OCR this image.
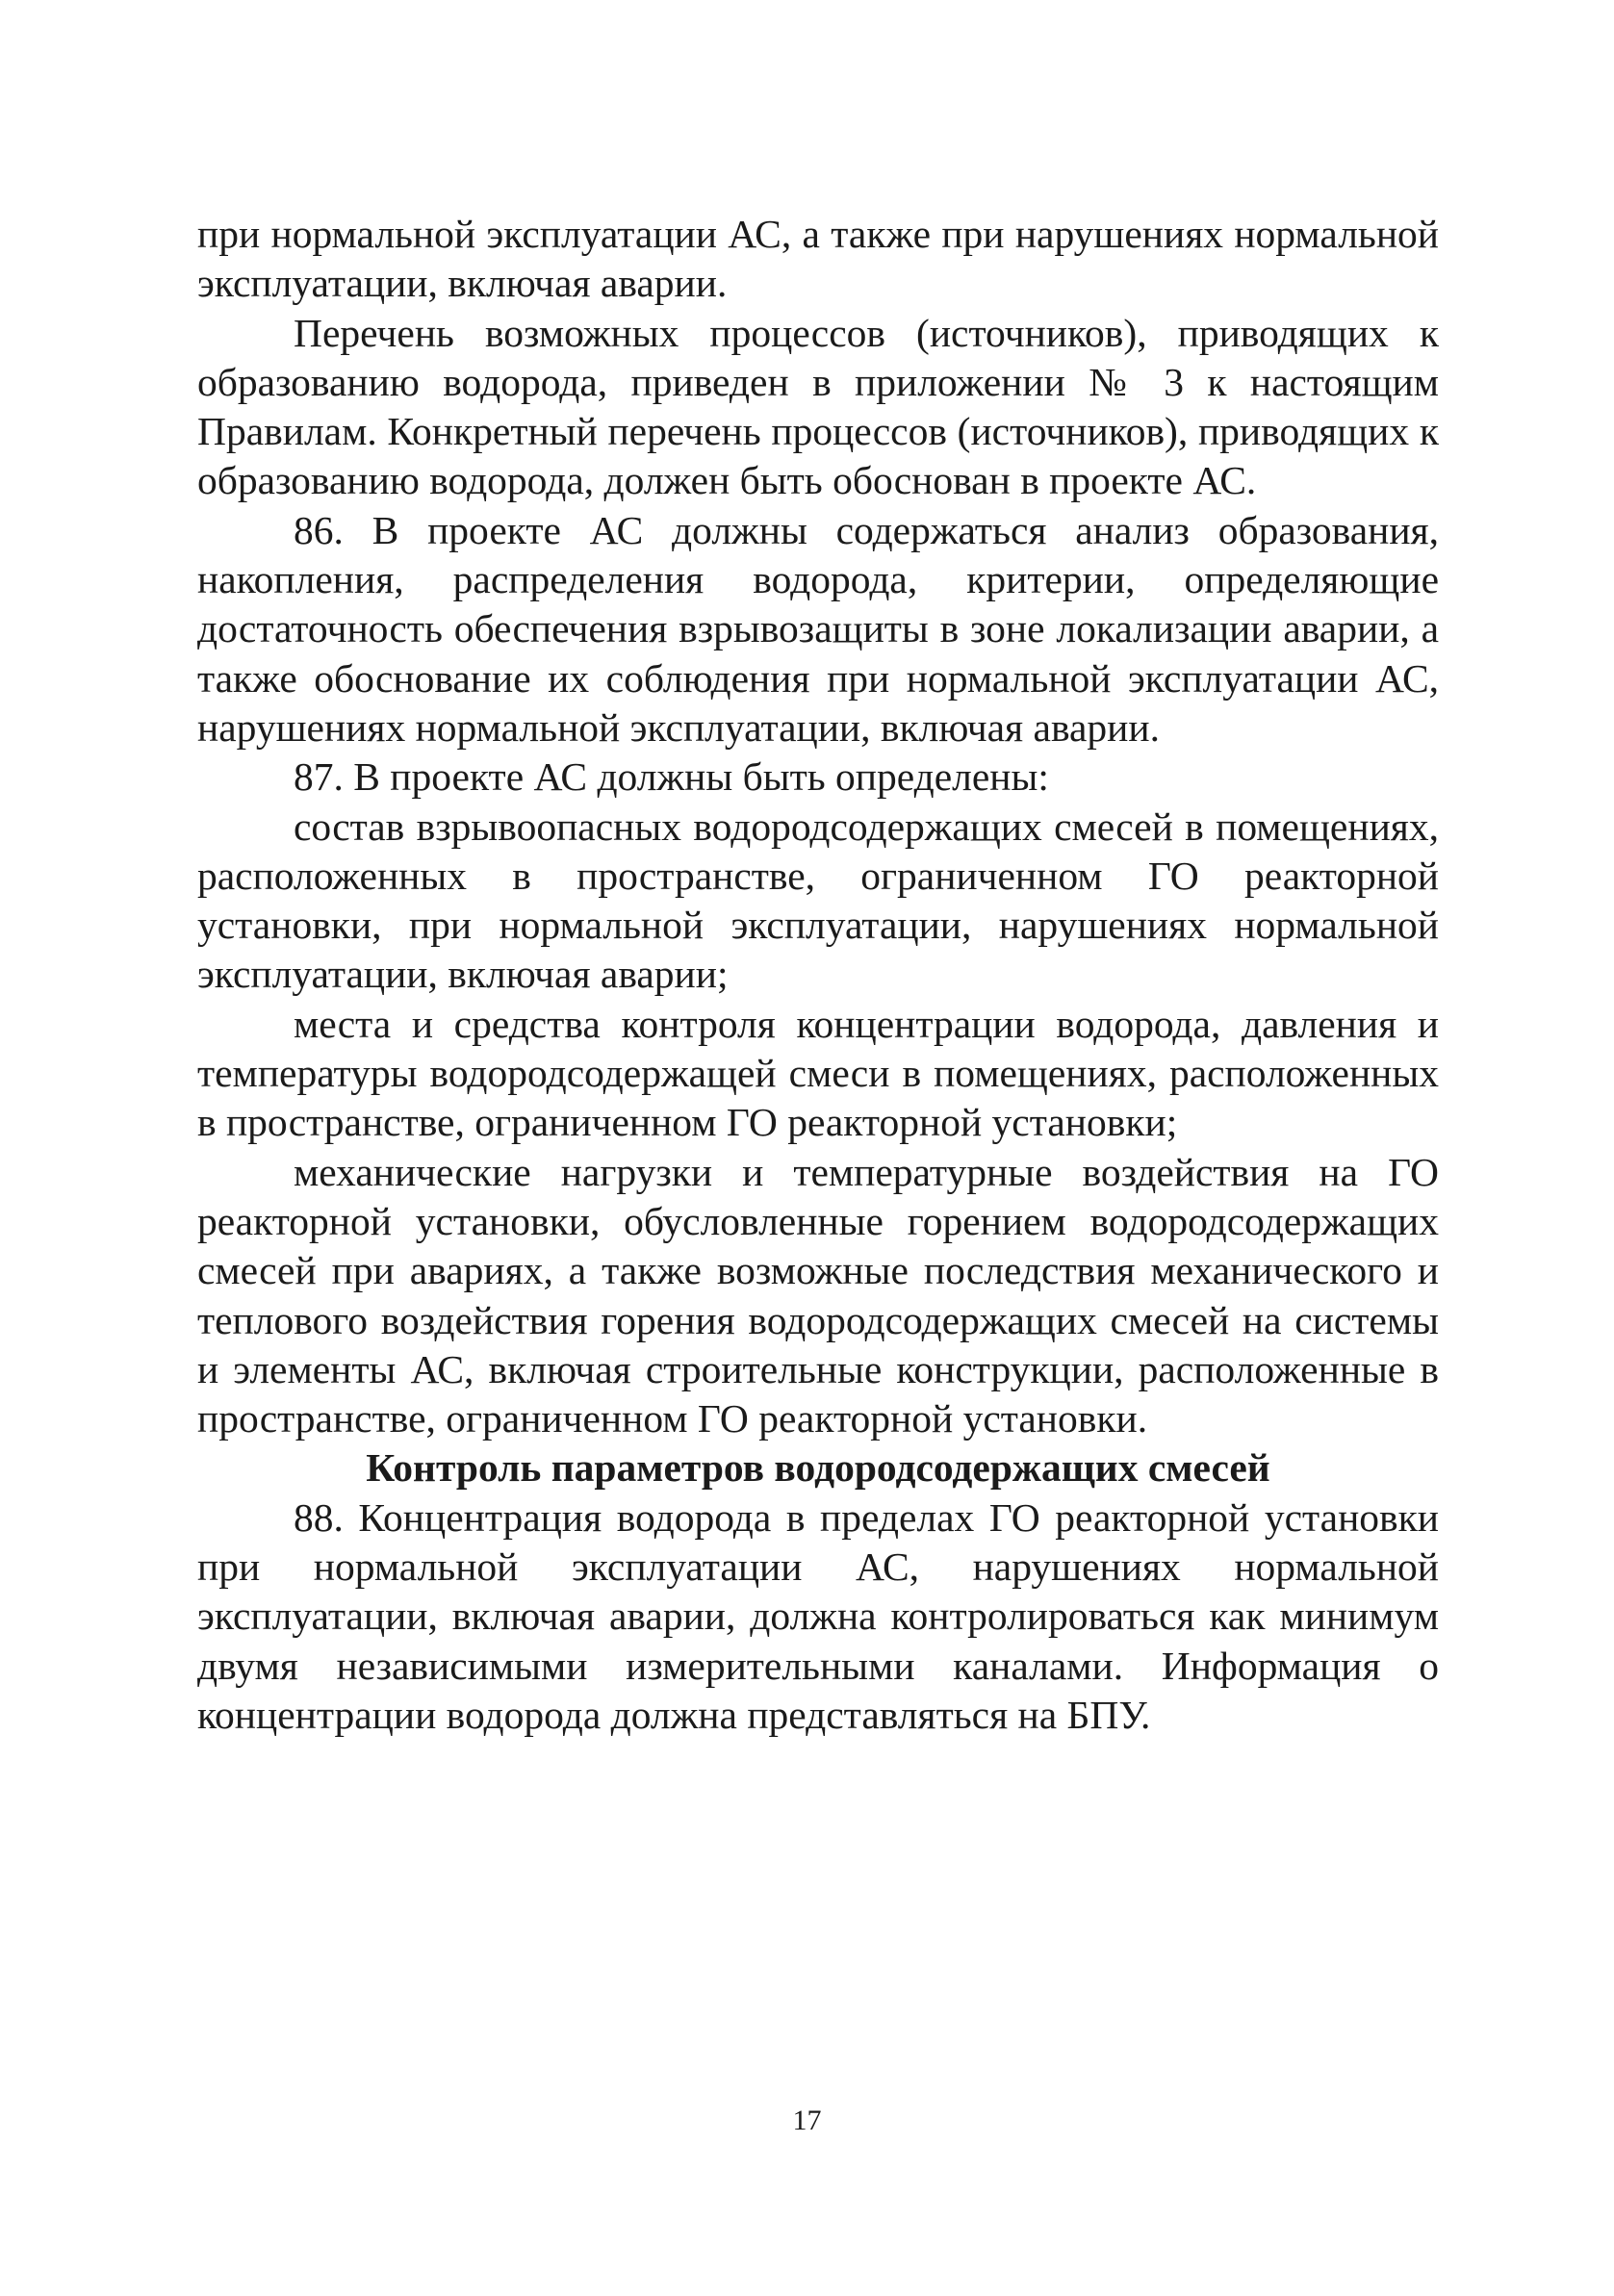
при нормальной эксплуатации АС, а также при нарушениях нормальной эксплуатации, включая аварии.

Перечень возможных процессов (источников), приводящих к образованию водорода, приведен в приложении № 3 к настоящим Правилам. Конкретный перечень процессов (источников), приводящих к образованию водорода, должен быть обоснован в проекте АС.

86. В проекте АС должны содержаться анализ образования, накопления, распределения водорода, критерии, определяющие достаточность обеспечения взрывозащиты в зоне локализации аварии, а также обоснование их соблюдения при нормальной эксплуатации АС, нарушениях нормальной эксплуатации, включая аварии.

87. В проекте АС должны быть определены:

состав взрывоопасных водородсодержащих смесей в помещениях, расположенных в пространстве, ограниченном ГО реакторной установки, при нормальной эксплуатации, нарушениях нормальной эксплуатации, включая аварии;

места и средства контроля концентрации водорода, давления и температуры водородсодержащей смеси в помещениях, расположенных в пространстве, ограниченном ГО реакторной установки;

механические нагрузки и температурные воздействия на ГО реакторной установки, обусловленные горением водородсодержащих смесей при авариях, а также возможные последствия механического и теплового воздействия горения водородсодержащих смесей на системы и элементы АС, включая строительные конструкции, расположенные в пространстве, ограниченном ГО реакторной установки.

Контроль параметров водородсодержащих смесей

88. Концентрация водорода в пределах ГО реакторной установки при нормальной эксплуатации АС, нарушениях нормальной эксплуатации, включая аварии, должна контролироваться как минимум двумя независимыми измерительными каналами. Информация о концентрации водорода должна представляться на БПУ.

17
